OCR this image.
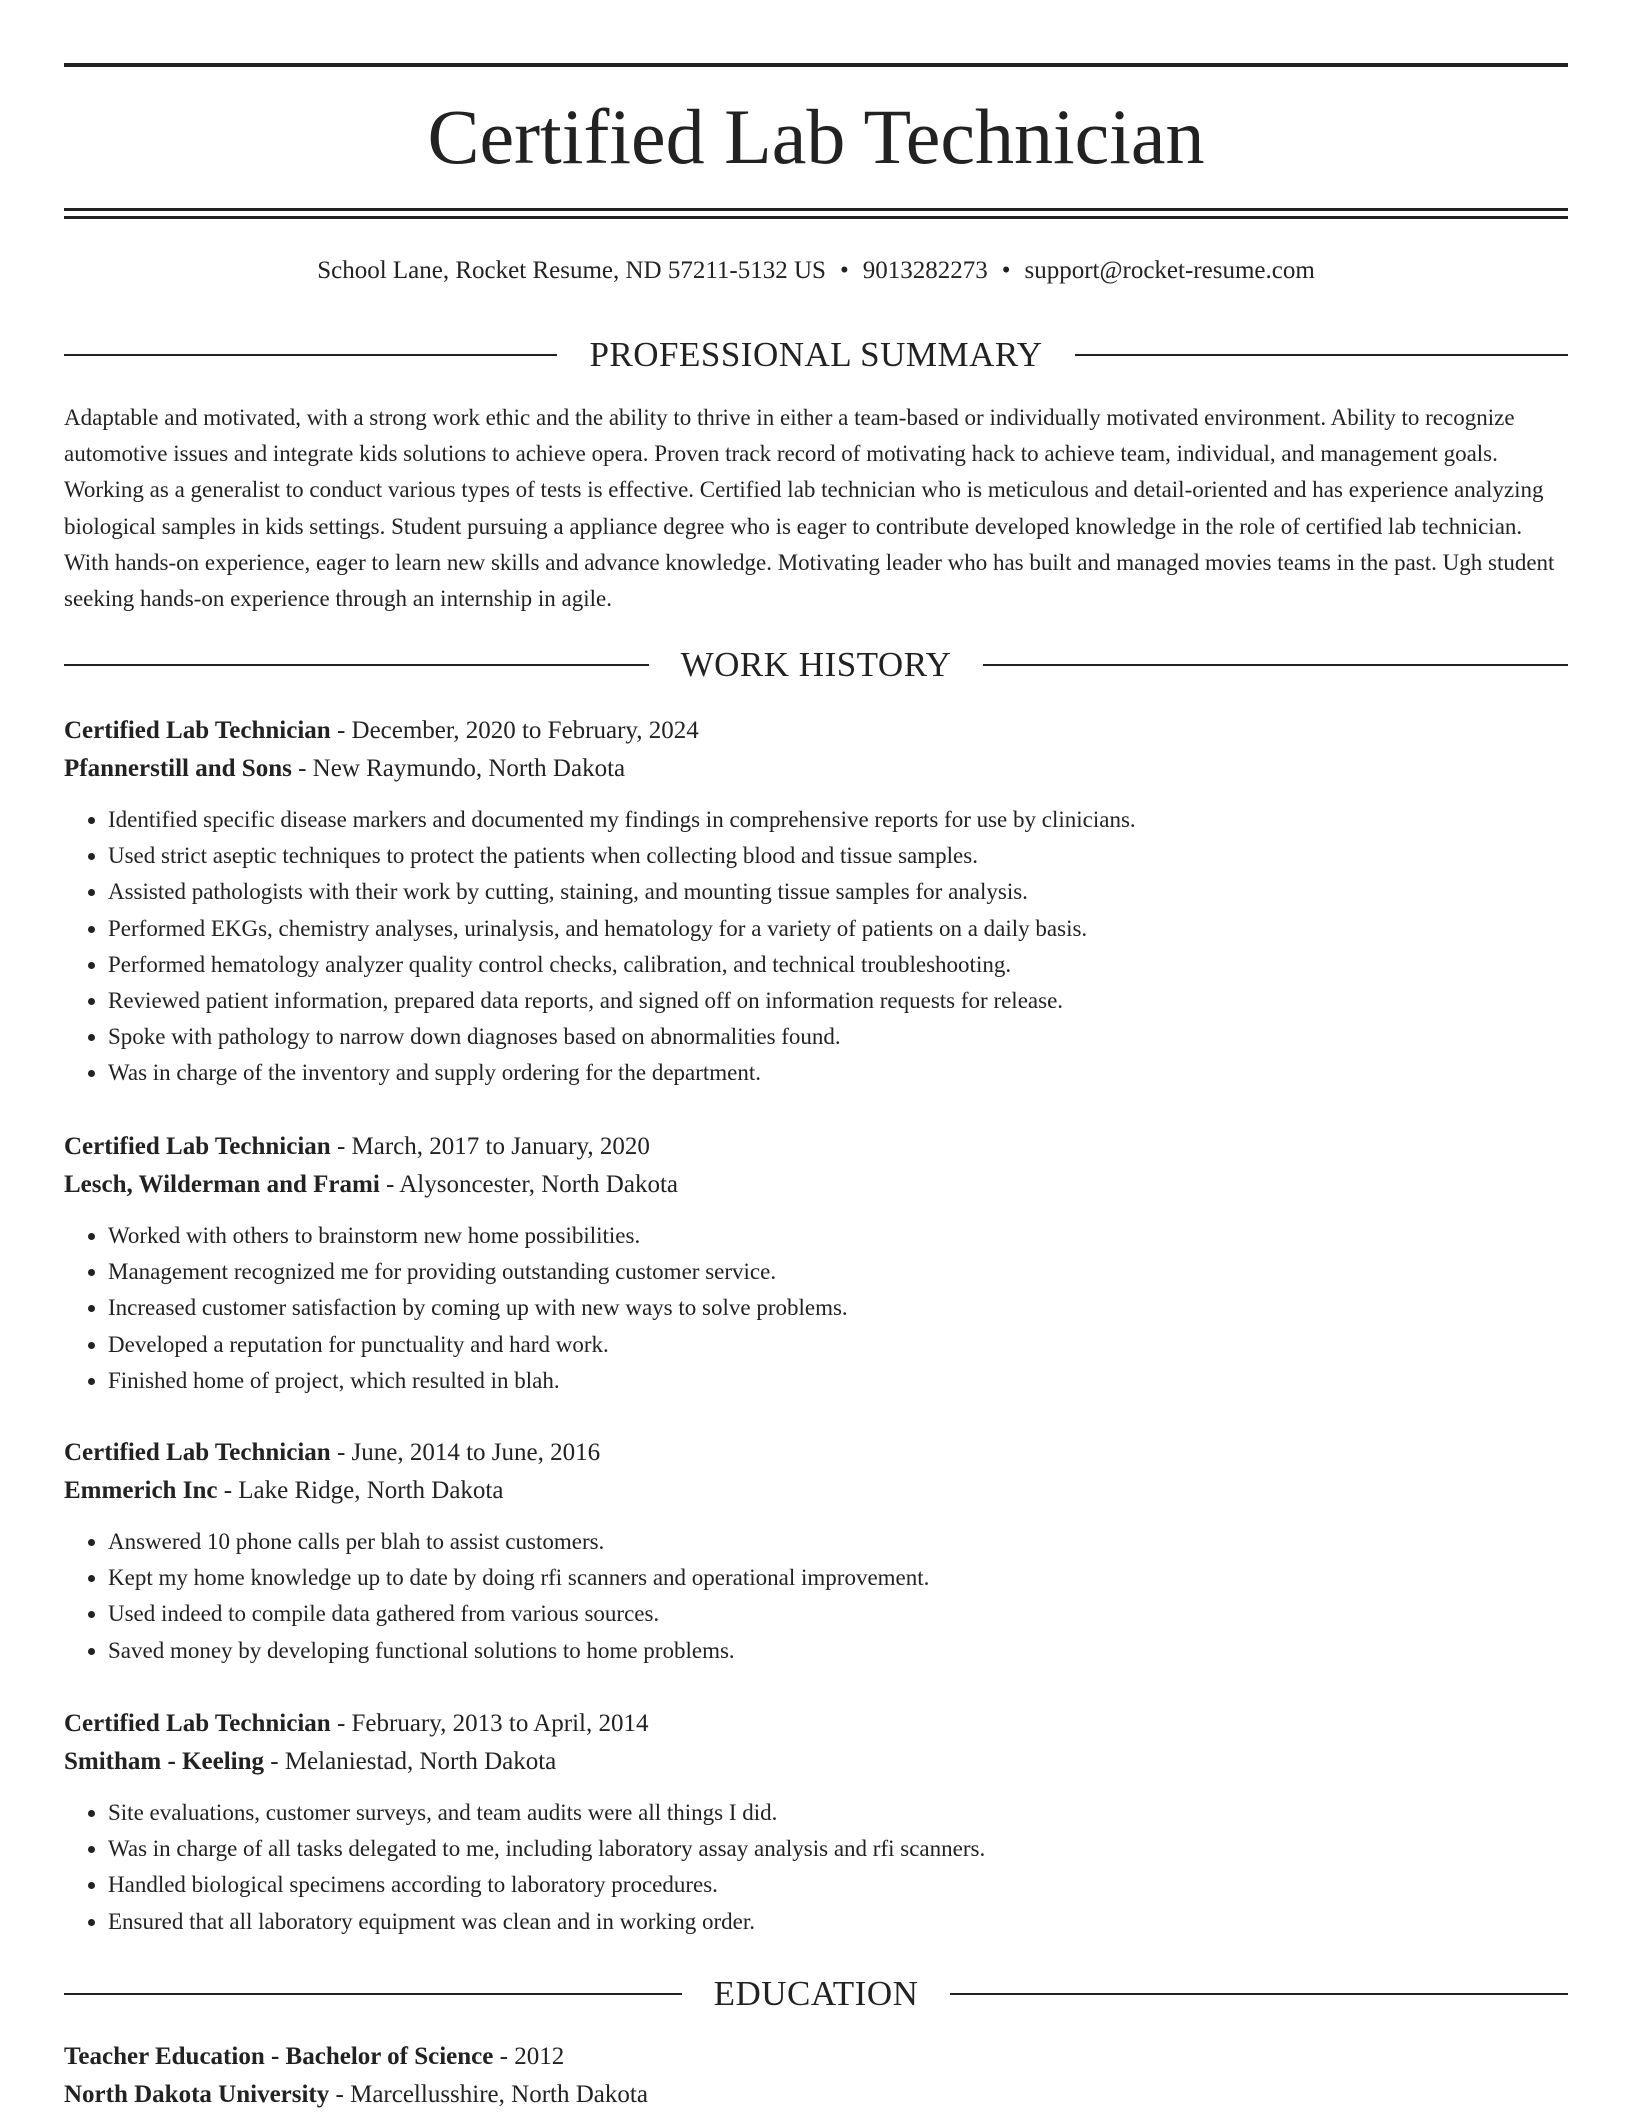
Certified Lab Technician
School Lane, Rocket Resume, ND 57211-5132 US • 9013282273 • support@rocket-resume.com
PROFESSIONAL SUMMARY

Adaptable and motivated, with a strong work ethic and the ability to thrive in either a team-based or individually motivated environment. Ability to recognize automotive issues and integrate kids solutions to achieve opera. Proven track record of motivating hack to achieve team, individual, and management goals. Working as a generalist to conduct various types of tests is effective. Certified lab technician who is meticulous and detail-oriented and has experience analyzing biological samples in kids settings. Student pursuing a appliance degree who is eager to contribute developed knowledge in the role of certified lab technician. With hands-on experience, eager to learn new skills and advance knowledge. Motivating leader who has built and managed movies teams in the past. Ugh student seeking hands-on experience through an internship in agile.

WORK HISTORY
Certified Lab Technician - December, 2020 to February, 2024
Pfannerstill and Sons - New Raymundo, North Dakota
• Identified specific disease markers and documented my findings in comprehensive reports for use by clinicians.
• Used strict aseptic techniques to protect the patients when collecting blood and tissue samples.
• Assisted pathologists with their work by cutting, staining, and mounting tissue samples for analysis.
• Performed EKGs, chemistry analyses, urinalysis, and hematology for a variety of patients on a daily basis.
• Performed hematology analyzer quality control checks, calibration, and technical troubleshooting.
• Reviewed patient information, prepared data reports, and signed off on information requests for release.
• Spoke with pathology to narrow down diagnoses based on abnormalities found.
• Was in charge of the inventory and supply ordering for the department.
Certified Lab Technician - March, 2017 to January, 2020
Lesch, Wilderman and Frami - Alysoncester, North Dakota
• Worked with others to brainstorm new home possibilities.
• Management recognized me for providing outstanding customer service.
• Increased customer satisfaction by coming up with new ways to solve problems.
• Developed a reputation for punctuality and hard work.
• Finished home of project, which resulted in blah.
Certified Lab Technician - June, 2014 to June, 2016
Emmerich Inc - Lake Ridge, North Dakota
• Answered 10 phone calls per blah to assist customers.
• Kept my home knowledge up to date by doing rfi scanners and operational improvement.
• Used indeed to compile data gathered from various sources.
• Saved money by developing functional solutions to home problems.
Certified Lab Technician - February, 2013 to April, 2014
Smitham - Keeling - Melaniestad, North Dakota
• Site evaluations, customer surveys, and team audits were all things I did.
• Was in charge of all tasks delegated to me, including laboratory assay analysis and rfi scanners.
• Handled biological specimens according to laboratory procedures.
• Ensured that all laboratory equipment was clean and in working order.
EDUCATION
Teacher Education - Bachelor of Science - 2012
North Dakota University - Marcellusshire, North Dakota
